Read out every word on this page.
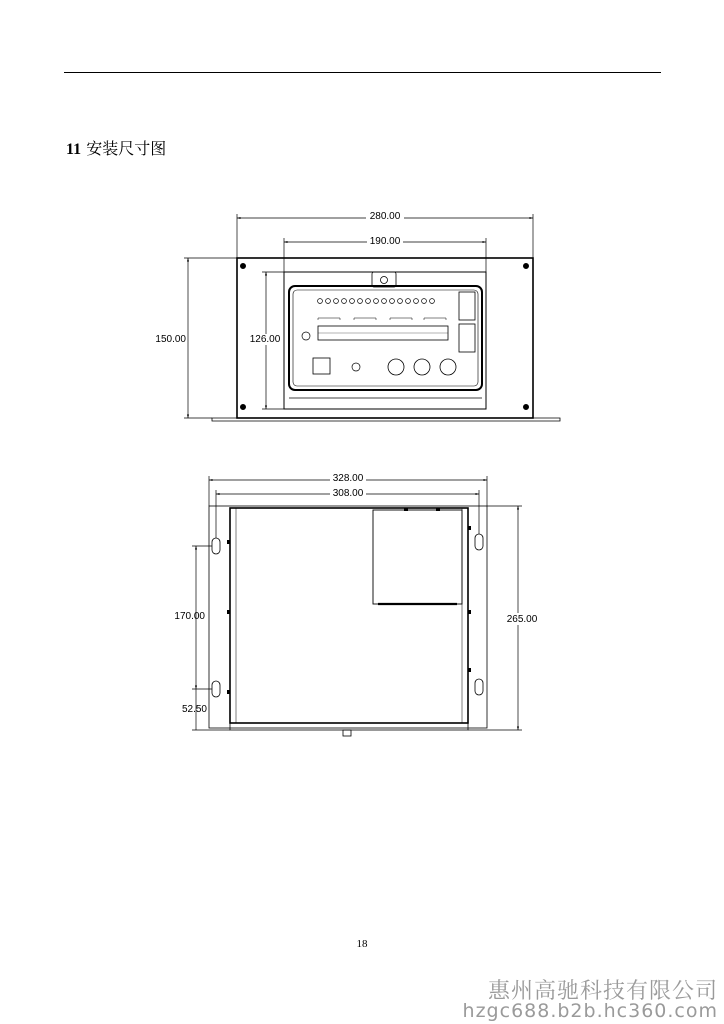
11 安装尺寸图
280.00
190.00
150.00	126.00
328.00
308.00
170.00
52.50
265.00
18
惠州高驰科技有限公司
hzgc688.b2b.hc360.com
